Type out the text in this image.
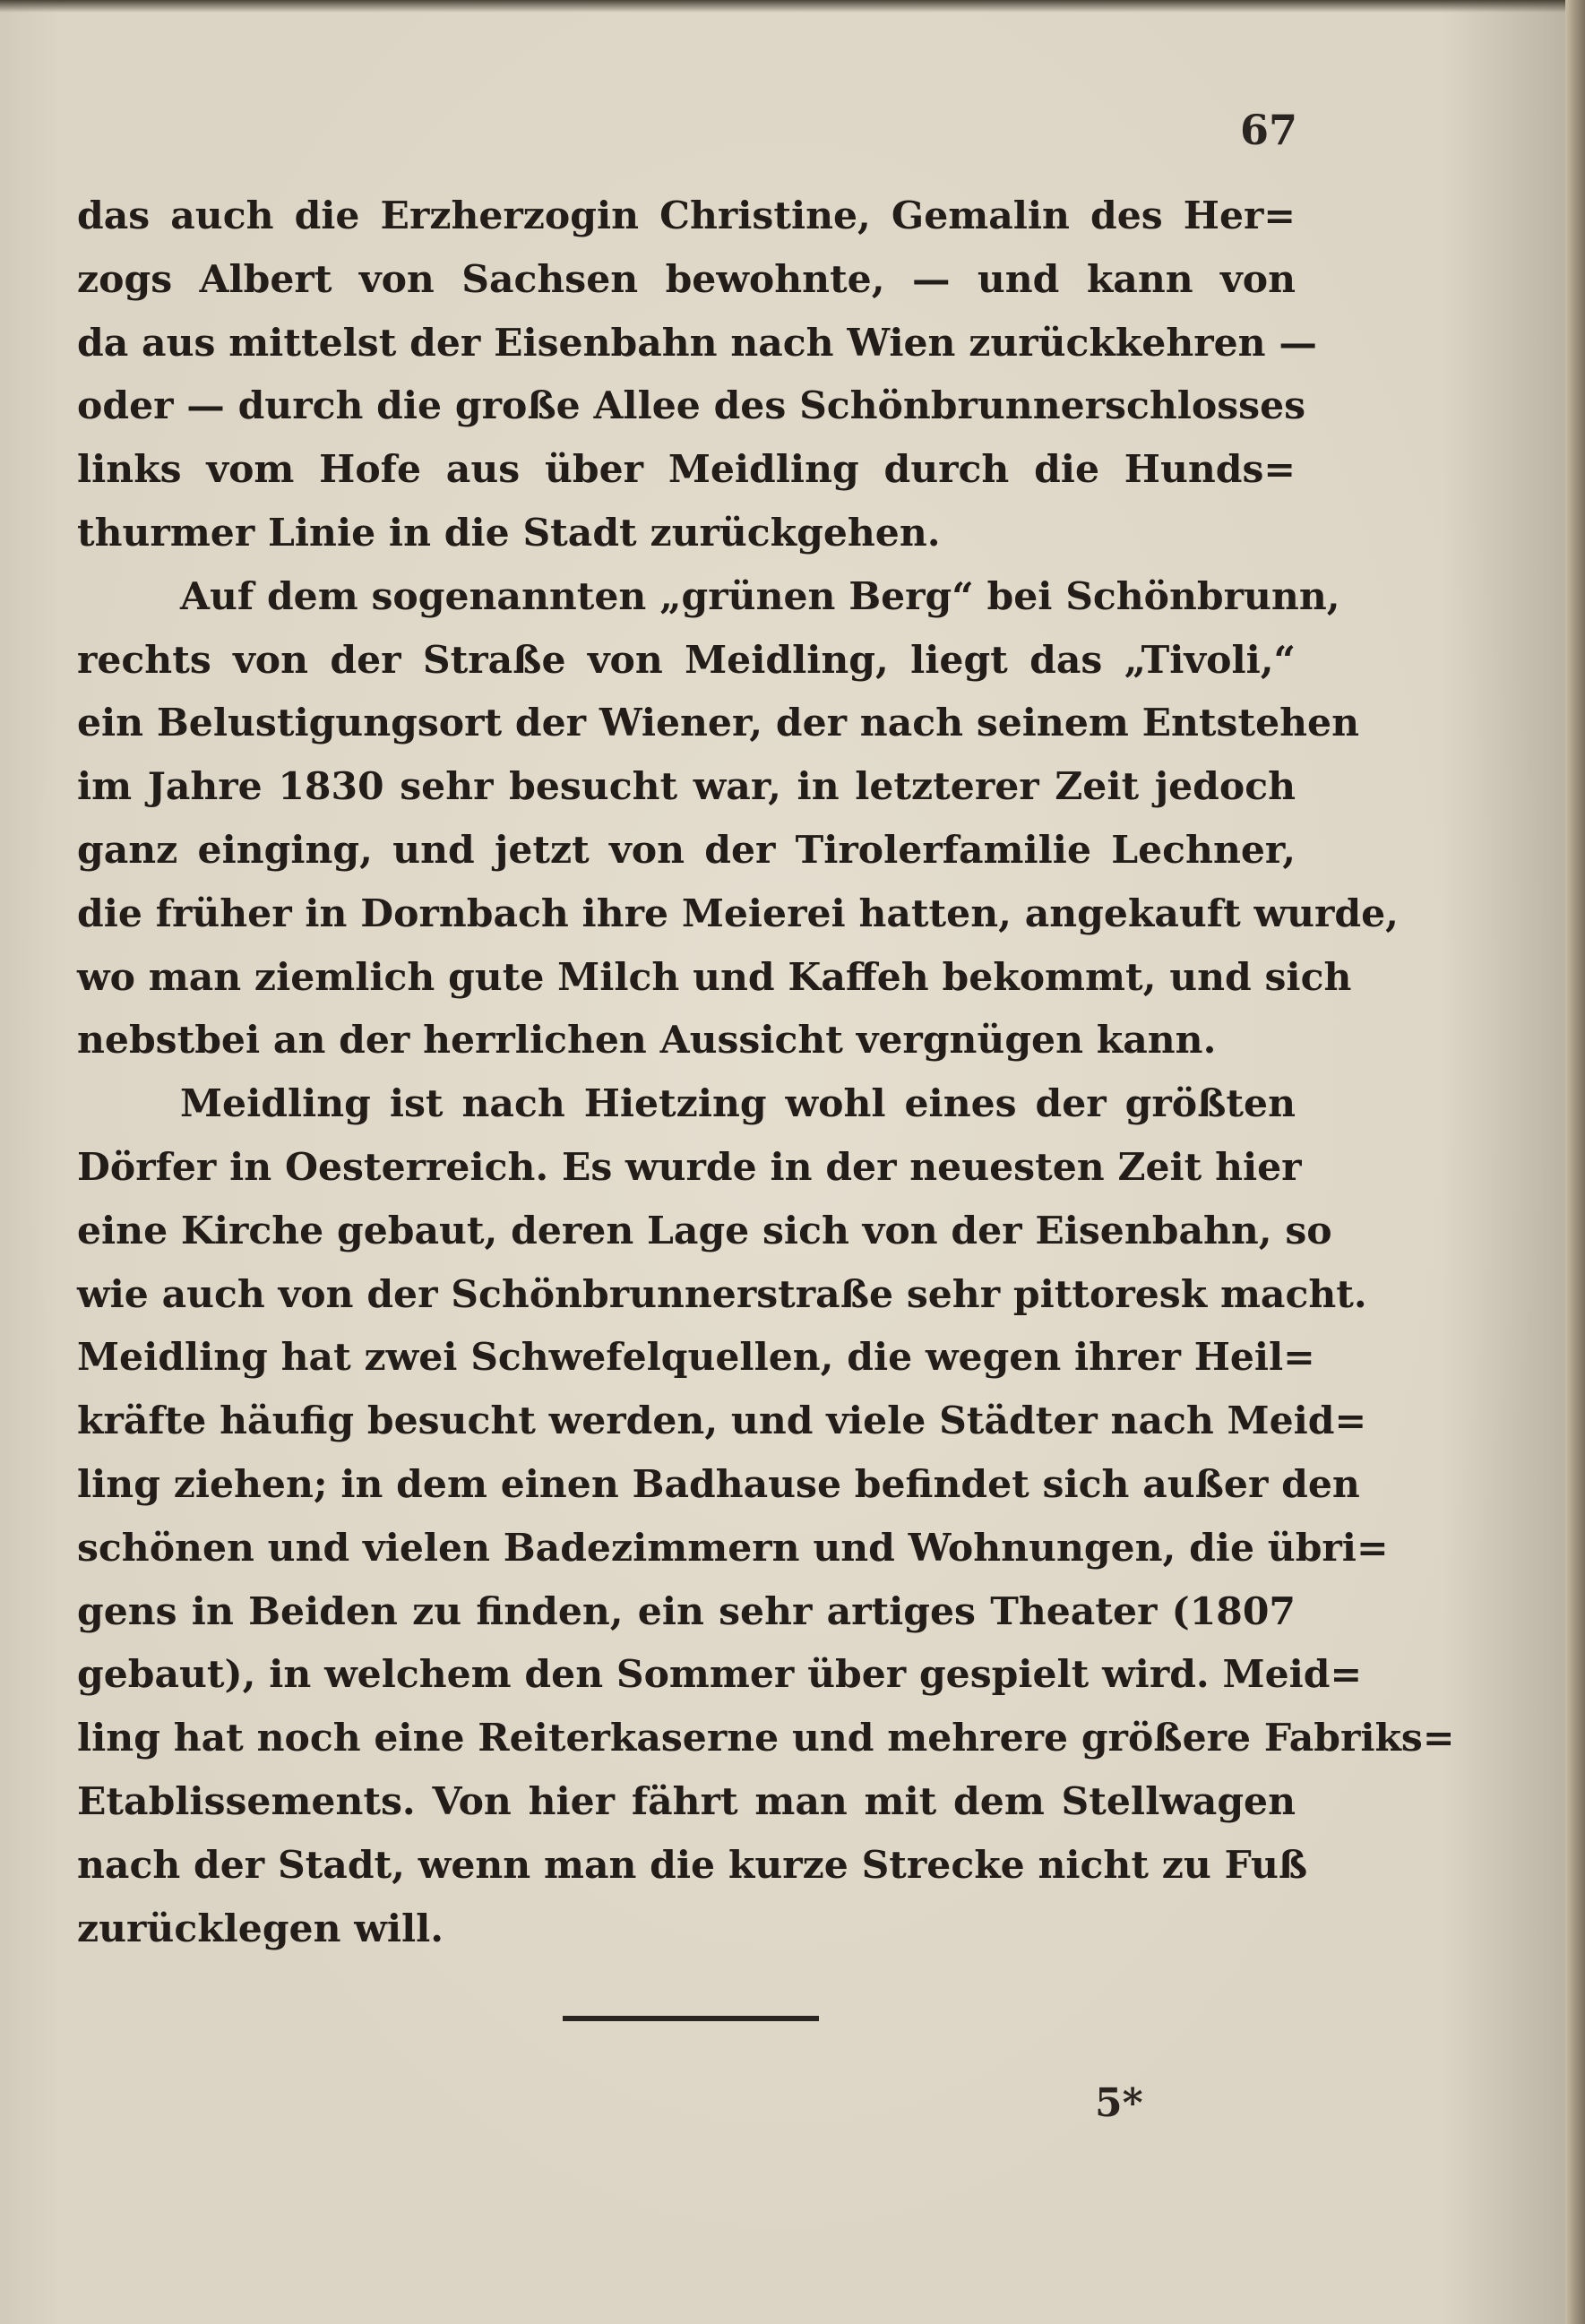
67
das auch die Erzherzogin Christine, Gemalin des Her=
zogs Albert von Sachsen bewohnte, — und kann von
da aus mittelst der Eisenbahn nach Wien zurückkehren —
oder — durch die große Allee des Schönbrunnerschlosses
links vom Hofe aus über Meidling durch die Hunds=
thurmer Linie in die Stadt zurückgehen.
Auf dem sogenannten „grünen Berg“ bei Schönbrunn,
rechts von der Straße von Meidling, liegt das „Tivoli,“
ein Belustigungsort der Wiener, der nach seinem Entstehen
im Jahre 1830 sehr besucht war, in letzterer Zeit jedoch
ganz einging, und jetzt von der Tirolerfamilie Lechner,
die früher in Dornbach ihre Meierei hatten, angekauft wurde,
wo man ziemlich gute Milch und Kaffeh bekommt, und sich
nebstbei an der herrlichen Aussicht vergnügen kann.
Meidling ist nach Hietzing wohl eines der größten
Dörfer in Oesterreich. Es wurde in der neuesten Zeit hier
eine Kirche gebaut, deren Lage sich von der Eisenbahn, so
wie auch von der Schönbrunnerstraße sehr pittoresk macht.
Meidling hat zwei Schwefelquellen, die wegen ihrer Heil=
kräfte häufig besucht werden, und viele Städter nach Meid=
ling ziehen; in dem einen Badhause befindet sich außer den
schönen und vielen Badezimmern und Wohnungen, die übri=
gens in Beiden zu finden, ein sehr artiges Theater (1807
gebaut), in welchem den Sommer über gespielt wird. Meid=
ling hat noch eine Reiterkaserne und mehrere größere Fabriks=
Etablissements. Von hier fährt man mit dem Stellwagen
nach der Stadt, wenn man die kurze Strecke nicht zu Fuß
zurücklegen will.
5*
